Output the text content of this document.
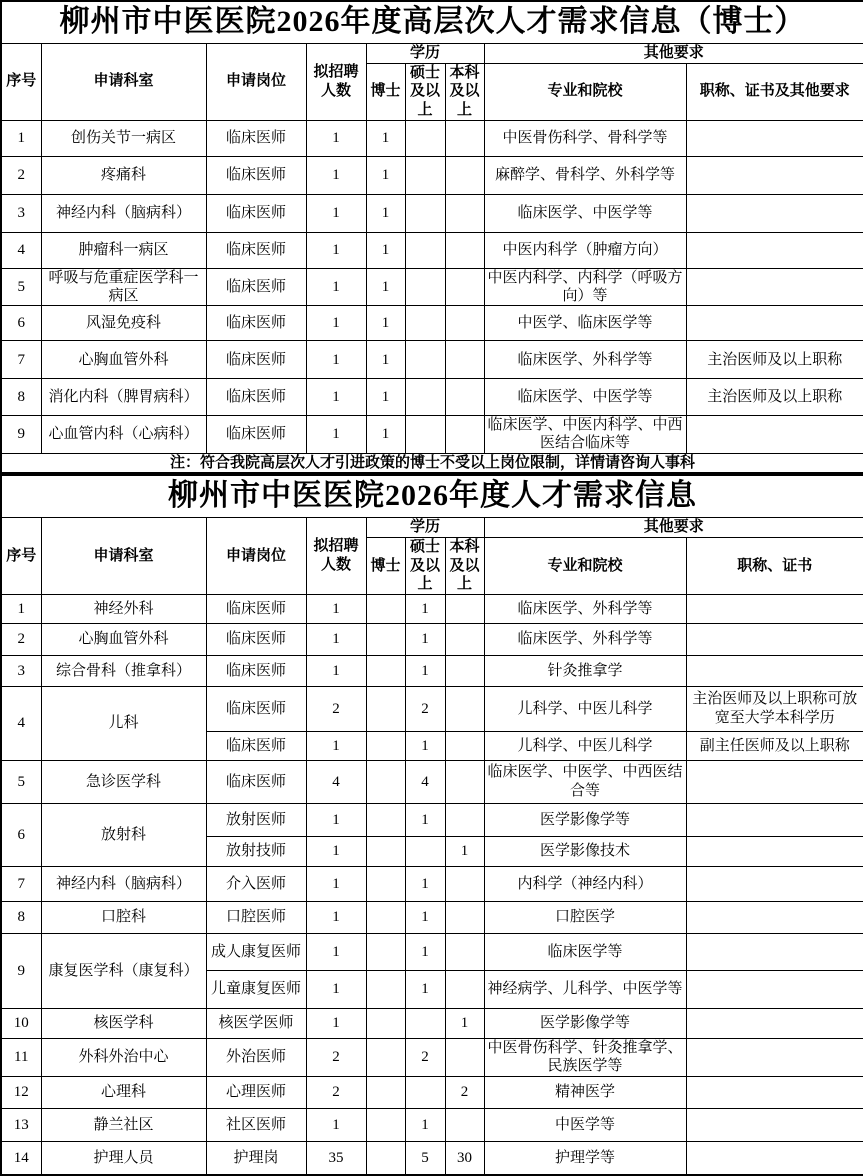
柳州市中医医院2026年度高层次人才需求信息（博士）								
序号	申请科室	申请岗位	拟招聘人数	学历			其他要求	
				博士	硕士及以上	本科及以上	专业和院校	职称、证书及其他要求
1	创伤关节一病区	临床医师	1	1			中医骨伤科学、骨科学等	
2	疼痛科	临床医师	1	1			麻醉学、骨科学、外科学等	
3	神经内科（脑病科）	临床医师	1	1			临床医学、中医学等	
4	肿瘤科一病区	临床医师	1	1			中医内科学（肿瘤方向）	
5	呼吸与危重症医学科一病区	临床医师	1	1			中医内科学、内科学（呼吸方向）等	
6	风湿免疫科	临床医师	1	1			中医学、临床医学等	
7	心胸血管外科	临床医师	1	1			临床医学、外科学等	主治医师及以上职称
8	消化内科（脾胃病科）	临床医师	1	1			临床医学、中医学等	主治医师及以上职称
9	心血管内科（心病科）	临床医师	1	1			临床医学、中医内科学、中西医结合临床等	
注：符合我院高层次人才引进政策的博士不受以上岗位限制，详情请咨询人事科								
柳州市中医医院2026年度人才需求信息								
序号	申请科室	申请岗位	拟招聘人数	学历			其他要求	
				博士	硕士及以上	本科及以上	专业和院校	职称、证书
1	神经外科	临床医师	1		1		临床医学、外科学等	
2	心胸血管外科	临床医师	1		1		临床医学、外科学等	
3	综合骨科（推拿科）	临床医师	1		1		针灸推拿学	
4	儿科	临床医师	2		2		儿科学、中医儿科学	主治医师及以上职称可放宽至大学本科学历
		临床医师	1		1		儿科学、中医儿科学	副主任医师及以上职称
5	急诊医学科	临床医师	4		4		临床医学、中医学、中西医结合等	
6	放射科	放射医师	1		1		医学影像学等	
		放射技师	1			1	医学影像技术	
7	神经内科（脑病科）	介入医师	1		1		内科学（神经内科）	
8	口腔科	口腔医师	1		1		口腔医学	
9	康复医学科（康复科）	成人康复医师	1		1		临床医学等	
		儿童康复医师	1		1		神经病学、儿科学、中医学等	
10	核医学科	核医学医师	1			1	医学影像学等	
11	外科外治中心	外治医师	2		2		中医骨伤科学、针灸推拿学、民族医学等	
12	心理科	心理医师	2			2	精神医学	
13	静兰社区	社区医师	1		1		中医学等	
14	护理人员	护理岗	35		5	30	护理学等	
